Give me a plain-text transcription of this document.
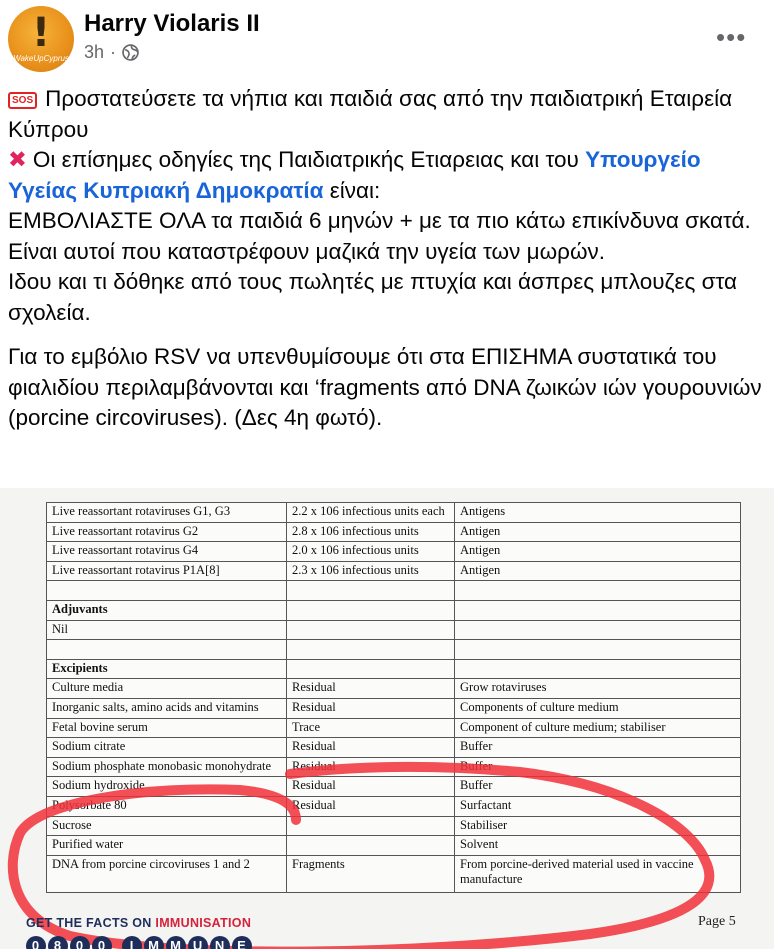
!
WakeUpCyprus
Harry Violaris II
3h ·	•••

SOS Προστατεύσετε τα νήπια και παιδιά σας από την παιδιατρική Εταιρεία Κύπρου

✖ Οι επίσημες οδηγίες της Παιδιατρικής Ετιαρειας και του Υπουργείο Υγείας Κυπριακή Δημοκρατία είναι:

ΕΜΒΟΛΙΑΣΤΕ ΟΛΑ τα παιδιά 6 μηνών + με τα πιο κάτω επικίνδυνα σκατά.

Είναι αυτοί που καταστρέφουν μαζικά την υγεία των μωρών.

Ιδου και τι δόθηκε από τους πωλητές με πτυχία και άσπρες μπλουζες στα σχολεία.

Για το εμβόλιο RSV να υπενθυμίσουμε ότι στα ΕΠΙΣΗΜΑ συστατικά του φιαλιδίου περιλαμβάνονται και ‘fragments από DNA ζωικών ιών γουρουνιών (porcine circoviruses). (Δες 4η φωτό).

Live reassortant rotaviruses G1, G3	2.2 x 106 infectious units each	Antigens
Live reassortant rotavirus G2	2.8 x 106 infectious units	Antigen
Live reassortant rotavirus G4	2.0 x 106 infectious units	Antigen
Live reassortant rotavirus P1A[8]	2.3 x 106 infectious units	Antigen

Adjuvants		
Nil		

Excipients		
Culture media	Residual	Grow rotaviruses
Inorganic salts, amino acids and vitamins	Residual	Components of culture medium
Fetal bovine serum	Trace	Component of culture medium; stabiliser
Sodium citrate	Residual	Buffer
Sodium phosphate monobasic monohydrate	Residual	Buffer
Sodium hydroxide	Residual	Buffer
Polysorbate 80	Residual	Surfactant
Sucrose		Stabiliser
Purified water		Solvent
DNA from porcine circoviruses 1 and 2	Fragments	From porcine-derived material used in vaccine manufacture
GET THE FACTS ON IMMUNISATION	Page 5
0 8 0 0 I M M U N E
